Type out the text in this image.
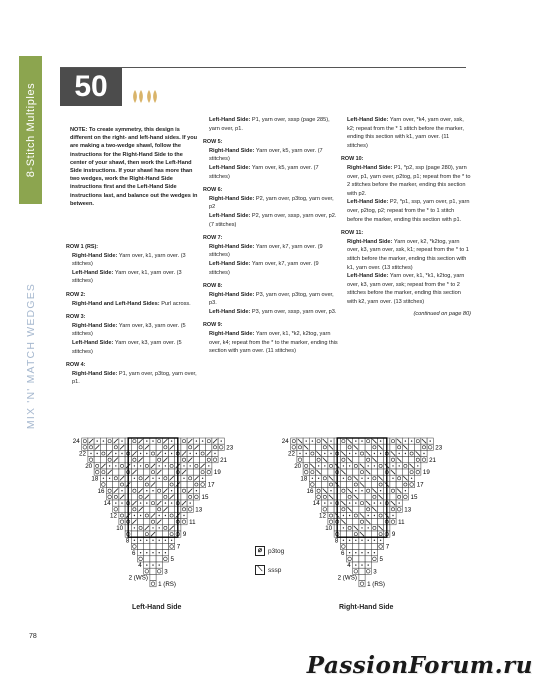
8-Stitch Multiples
MIX 'N' MATCH WEDGES
50
NOTE: To create symmetry, this design is different on the right- and left-hand sides. If you are making a two-wedge shawl, follow the instructions for the Right-Hand Side to the center of your shawl, then work the Left-Hand Side instructions. If your shawl has more than two wedges, work the Right-Hand Side instructions first and the Left-Hand Side instructions last, and balance out the wedges in between.
ROW 1 (RS):
Right-Hand Side: Yarn over, k1, yarn over. (3 stitches)
Left-Hand Side: Yarn over, k1, yarn over. (3 stitches)
ROW 2:
Right-Hand and Left-Hand Sides: Purl across.
ROW 3:
Right-Hand Side: Yarn over, k3, yarn over. (5 stitches)
Left-Hand Side: Yarn over, k3, yarn over. (5 stitches)
ROW 4:
Right-Hand Side: P1, yarn over, p3tog, yarn over, p1.
Left-Hand Side: P1, yarn over, sssp (page 285), yarn over, p1.
ROW 5:
Right-Hand Side: Yarn over, k5, yarn over. (7 stitches)
Left-Hand Side: Yarn over, k5, yarn over. (7 stitches)
ROW 6:
Right-Hand Side: P2, yarn over, p3tog, yarn over, p2
Left-Hand Side: P2, yarn over, sssp, yarn over, p2. (7 stitches)
ROW 7:
Right-Hand Side: Yarn over, k7, yarn over. (9 stitches)
Left-Hand Side: Yarn over, k7, yarn over. (9 stitches)
ROW 8:
Right-Hand Side: P3, yarn over, p3tog, yarn over, p3.
Left-Hand Side: P3, yarn over, sssp, yarn over, p3.
ROW 9:
Right-Hand Side: Yarn over, k1, *k2, k2tog, yarn over, k4; repeat from the * to the marker, ending this section with yarn over. (11 stitches)
Left-Hand Side: Yarn over, *k4, yarn over, ssk, k2; repeat from the * 1 stitch before the marker, ending this section with k1, yarn over. (11 stitches)
ROW 10:
Right-Hand Side: P1, *p2, ssp (page 280), yarn over, p1, yarn over, p2tog, p1; repeat from the * to 2 stitches before the marker, ending this section with p2.
Left-Hand Side: P2, *p1, ssp, yarn over, p1, yarn over, p2tog, p2; repeat from the * to 1 stitch before the marker, ending this section with p1.
ROW 11:
Right-Hand Side: Yarn over, k2, *k2tog, yarn over, k3, yarn over, ssk, k1; repeat from the * to 1 stitch before the marker, ending this section with k1, yarn over. (13 stitches)
Left-Hand Side: Yarn over, k1, *k1, k2tog, yarn over, k3, yarn over, ssk; repeat from the * to 2 stitches before the marker, ending this section with k2, yarn over. (13 stitches)
(continued on page 80)
24
23
22
21
20
19
18
17
16
15
14
13
12
11
10
9
8
7
6
5
4
3
2 (WS)
1 (RS)
24
23
22
21
20
19
18
17
16
15
14
13
12
11
10
9
8
7
6
5
4
3
2 (WS)
1 (RS)
Left-Hand Side	Right-Hand Side
⌀ p3tog
⟍ sssp
78
PassionForum.ru
